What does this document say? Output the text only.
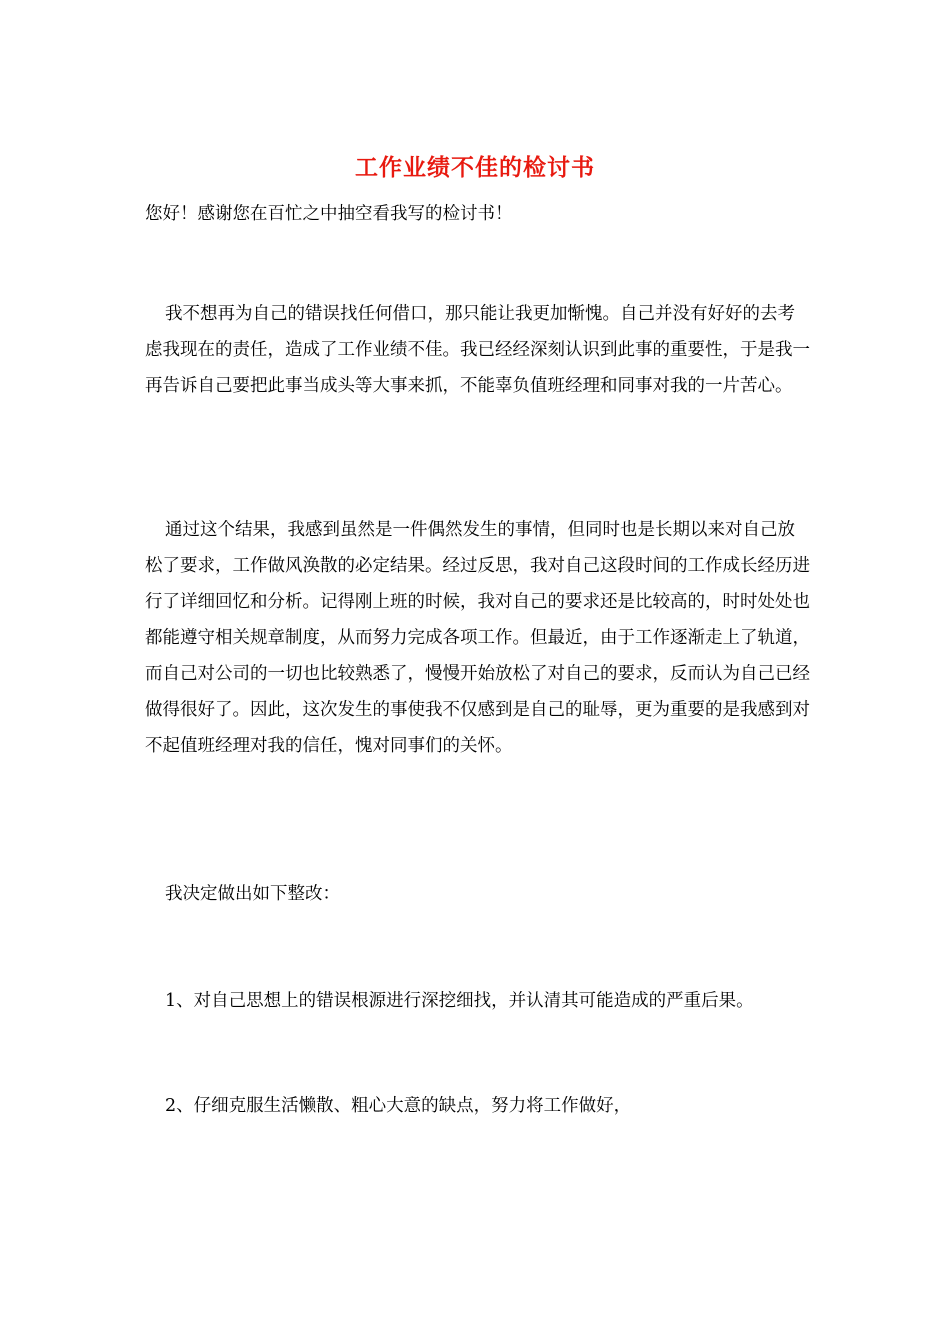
工作业绩不佳的检讨书

您好！感谢您在百忙之中抽空看我写的检讨书！

我不想再为自己的错误找任何借口，那只能让我更加惭愧。自己并没有好好的去考虑我现在的责任，造成了工作业绩不佳。我已经经深刻认识到此事的重要性，于是我一再告诉自己要把此事当成头等大事来抓，不能辜负值班经理和同事对我的一片苦心。

通过这个结果，我感到虽然是一件偶然发生的事情，但同时也是长期以来对自己放松了要求，工作做风涣散的必定结果。经过反思，我对自己这段时间的工作成长经历进行了详细回忆和分析。记得刚上班的时候，我对自己的要求还是比较高的，时时处处也都能遵守相关规章制度，从而努力完成各项工作。但最近，由于工作逐渐走上了轨道，而自己对公司的一切也比较熟悉了，慢慢开始放松了对自己的要求，反而认为自己已经做得很好了。因此，这次发生的事使我不仅感到是自己的耻辱，更为重要的是我感到对不起值班经理对我的信任，愧对同事们的关怀。

我决定做出如下整改：

1、对自己思想上的错误根源进行深挖细找，并认清其可能造成的严重后果。

2、仔细克服生活懒散、粗心大意的缺点，努力将工作做好，
